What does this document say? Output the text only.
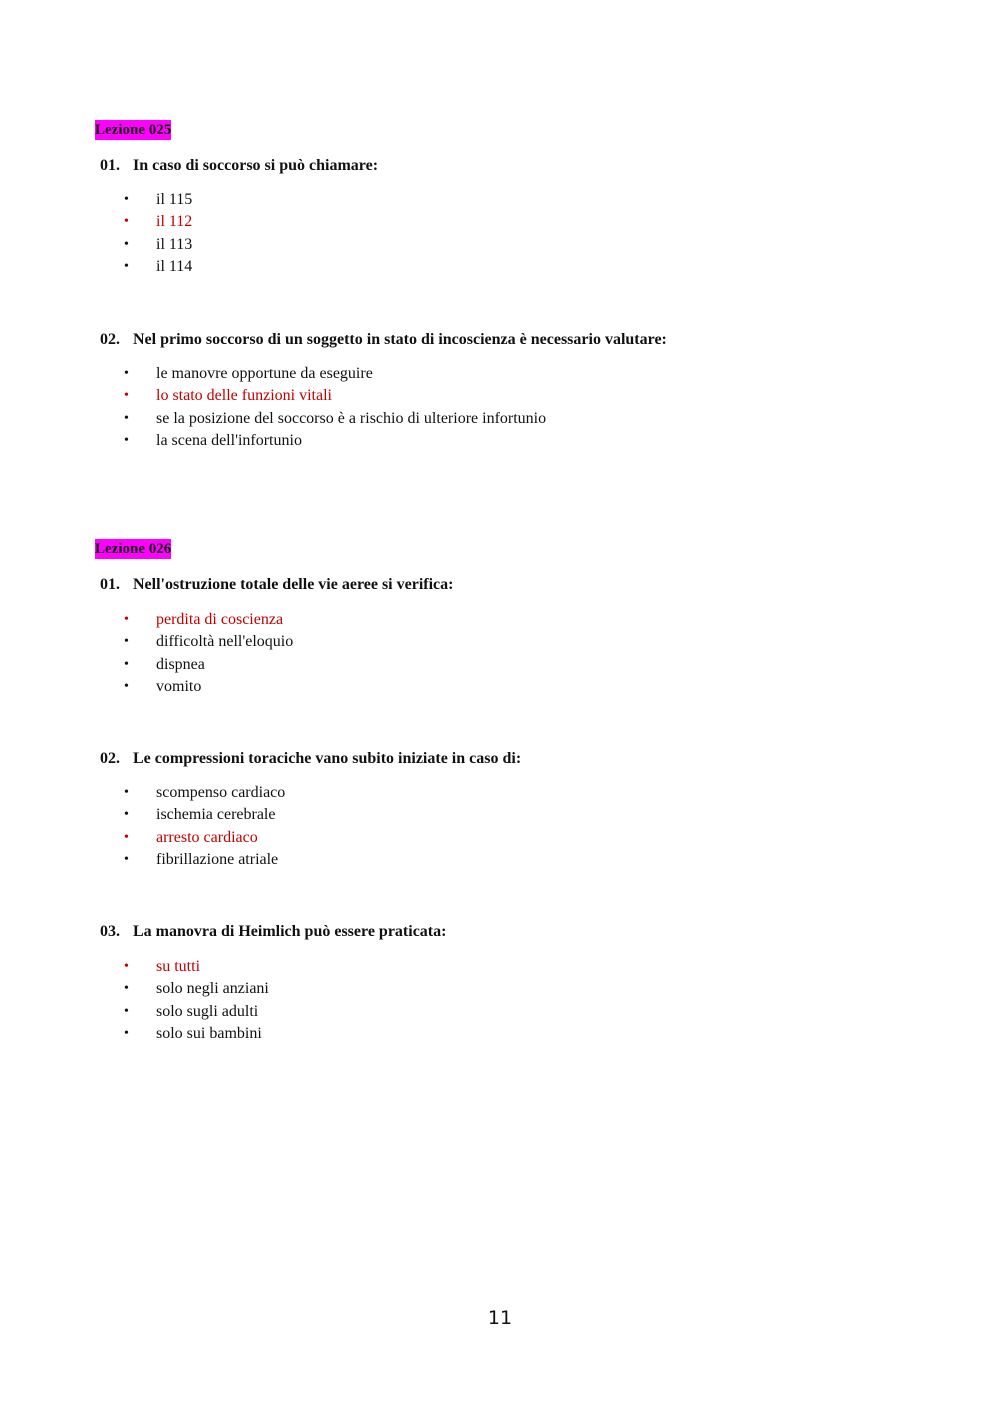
Lezione 025
01. In caso di soccorso si può chiamare:
•	il 115
•	il 112
•	il 113
•	il 114
02. Nel primo soccorso di un soggetto in stato di incoscienza è necessario valutare:
•	le manovre opportune da eseguire
•	lo stato delle funzioni vitali
•	se la posizione del soccorso è a rischio di ulteriore infortunio
•	la scena dell'infortunio
Lezione 026
01. Nell'ostruzione totale delle vie aeree si verifica:
•	perdita di coscienza
•	difficoltà nell'eloquio
•	dispnea
•	vomito
02. Le compressioni toraciche vano subito iniziate in caso di:
•	scompenso cardiaco
•	ischemia cerebrale
•	arresto cardiaco
•	fibrillazione atriale
03. La manovra di Heimlich può essere praticata:
•	su tutti
•	solo negli anziani
•	solo sugli adulti
•	solo sui bambini
11
